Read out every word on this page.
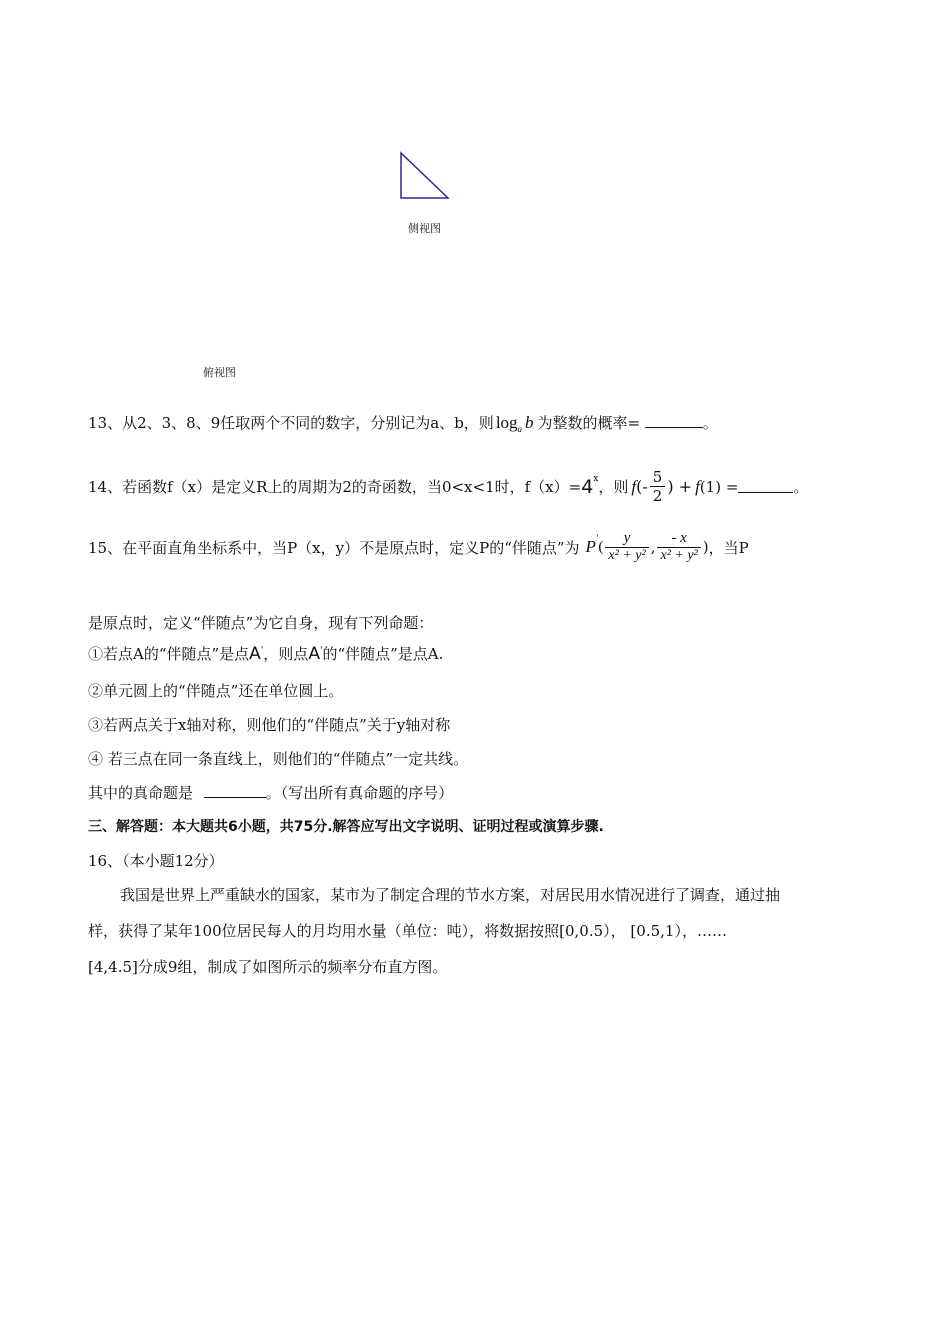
侧视图
俯视图
13、从2、3、8、9任取两个不同的数字，分别记为a、b，则 $\log_a b$ 为整数的概率=	。
14、若函数f（x）是定义R上的周期为2的奇函数，当0<x<1时，$f(x)= 4^x$ ，则 f (- $\frac{5}{2}$ ) + f (1) =	。
15、在平面直角坐标系中，当P（x，y）不是原点时，定义P的“伴随点”为 P' ( $\frac{y}{\text{x² + y²}}$ , $\frac{- x}{\text{x² + y²}}$ ) ，当P
是原点时，定义“伴随点”为它自身，现有下列命题：
①若点A的“伴随点”是点A'，则点A'的“伴随点”是点A.
②单元圆上的“伴随点”还在单位圆上。
③若两点关于x轴对称，则他们的“伴随点”关于y轴对称
④ 若三点在同一条直线上，则他们的“伴随点”一定共线。
其中的真命题是	。（写出所有真命题的序号）
三、解答题：本大题共6小题，共75分.解答应写出文字说明、证明过程或演算步骤.
16、（本小题12分）
我国是世界上严重缺水的国家，某市为了制定合理的节水方案，对居民用水情况进行了调查，通过抽
样，获得了某年100位居民每人的月均用水量（单位：吨），将数据按照[0,0.5）， [0.5,1），……
[4,4.5]分成9组，制成了如图所示的频率分布直方图。
